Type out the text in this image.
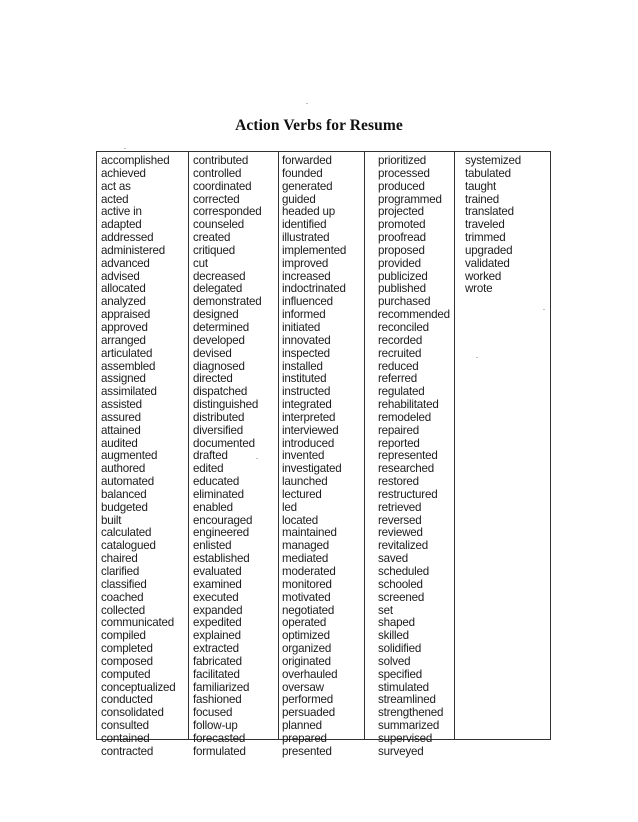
Action Verbs for Resume
accomplished
achieved
act as
acted
active in
adapted
addressed
administered
advanced
advised
allocated
analyzed
appraised
approved
arranged
articulated
assembled
assigned
assimilated
assisted
assured
attained
audited
augmented
authored
automated
balanced
budgeted
built
calculated
catalogued
chaired
clarified
classified
coached
collected
communicated
compiled
completed
composed
computed
conceptualized
conducted
consolidated
consulted
contained
contracted
contributed
controlled
coordinated
corrected
corresponded
counseled
created
critiqued
cut
decreased
delegated
demonstrated
designed
determined
developed
devised
diagnosed
directed
dispatched
distinguished
distributed
diversified
documented
drafted
edited
educated
eliminated
enabled
encouraged
engineered
enlisted
established
evaluated
examined
executed
expanded
expedited
explained
extracted
fabricated
facilitated
familiarized
fashioned
focused
follow-up
forecasted
formulated
forwarded
founded
generated
guided
headed up
identified
illustrated
implemented
improved
increased
indoctrinated
influenced
informed
initiated
innovated
inspected
installed
instituted
instructed
integrated
interpreted
interviewed
introduced
invented
investigated
launched
lectured
led
located
maintained
managed
mediated
moderated
monitored
motivated
negotiated
operated
optimized
organized
originated
overhauled
oversaw
performed
persuaded
planned
prepared
presented
prioritized
processed
produced
programmed
projected
promoted
proofread
proposed
provided
publicized
published
purchased
recommended
reconciled
recorded
recruited
reduced
referred
regulated
rehabilitated
remodeled
repaired
reported
represented
researched
restored
restructured
retrieved
reversed
reviewed
revitalized
saved
scheduled
schooled
screened
set
shaped
skilled
solidified
solved
specified
stimulated
streamlined
strengthened
summarized
supervised
surveyed
systemized
tabulated
taught
trained
translated
traveled
trimmed
upgraded
validated
worked
wrote
